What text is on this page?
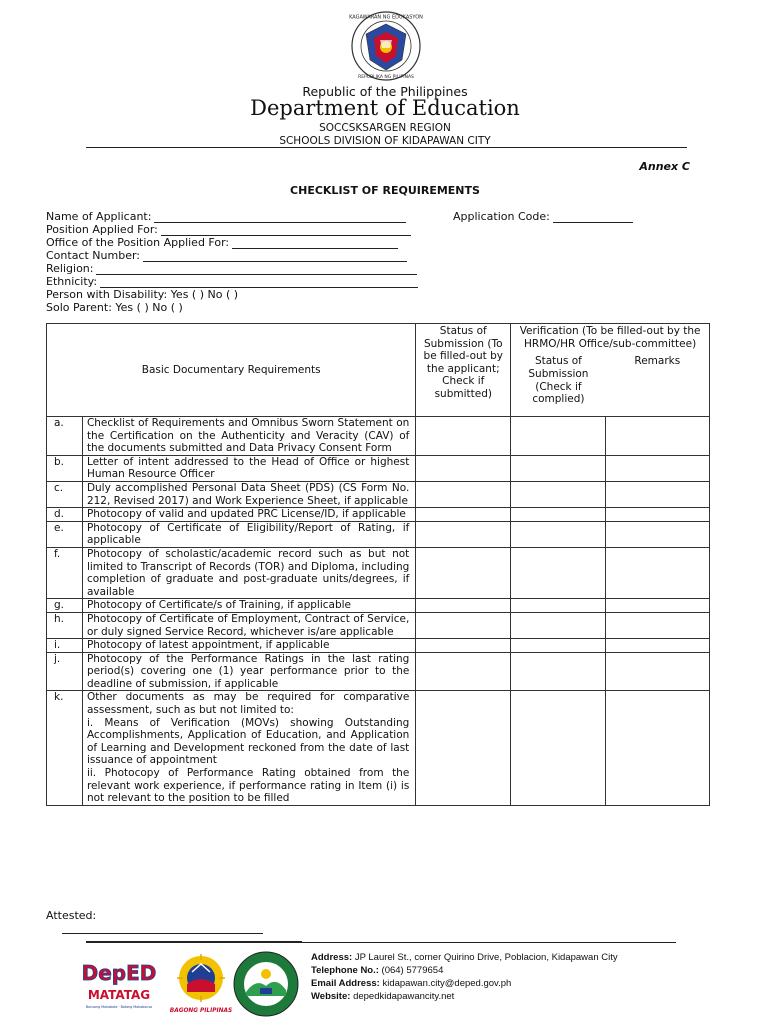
KAGAWARAN NG EDUKASYON
REPUBLIKA NG PILIPINAS
Republic of the Philippines
Department of Education
SOCCSKSARGEN REGION
SCHOOLS DIVISION OF KIDAPAWAN CITY
Annex C
CHECKLIST OF REQUIREMENTS
Name of Applicant:
Position Applied For:
Office of the Position Applied For:
Contact Number:
Religion:
Ethnicity:
Person with Disability: Yes ( ) No ( )
Solo Parent: Yes ( ) No ( )
Application Code:
Basic Documentary Requirements		Status of Submission (To be filled-out by the applicant; Check if submitted)	Verification (To be filled-out by the HRMO/HR Office/sub-committee)	
			Status of Submission (Check if complied)	Remarks
a.	Checklist of Requirements and Omnibus Sworn Statement on the Certification on the Authenticity and Veracity (CAV) of the documents submitted and Data Privacy Consent Form			
b.	Letter of intent addressed to the Head of Office or highest Human Resource Officer			
c.	Duly accomplished Personal Data Sheet (PDS) (CS Form No. 212, Revised 2017) and Work Experience Sheet, if applicable			
d.	Photocopy of valid and updated PRC License/ID, if applicable			
e.	Photocopy of Certificate of Eligibility/Report of Rating, if applicable			
f.	Photocopy of scholastic/academic record such as but not limited to Transcript of Records (TOR) and Diploma, including completion of graduate and post-graduate units/degrees, if available			
g.	Photocopy of Certificate/s of Training, if applicable			
h.	Photocopy of Certificate of Employment, Contract of Service, or duly signed Service Record, whichever is/are applicable			
i.	Photocopy of latest appointment, if applicable			
j.	Photocopy of the Performance Ratings in the last rating period(s) covering one (1) year performance prior to the deadline of submission, if applicable			
k.	Other documents as may be required for comparative assessment, such as but not limited to:
i. Means of Verification (MOVs) showing Outstanding Accomplishments, Application of Education, and Application of Learning and Development reckoned from the date of last issuance of appointment
ii. Photocopy of Performance Rating obtained from the relevant work experience, if performance rating in Item (i) is not relevant to the position to be filled			

Attested:
DepED
MATATAG
Bansang Makabata · Batang Makabansa
BAGONG PILIPINAS
Address: JP Laurel St., corner Quirino Drive, Poblacion, Kidapawan City
Telephone No.: (064) 5779654
Email Address: kidapawan.city@deped.gov.ph
Website: depedkidapawancity.net
